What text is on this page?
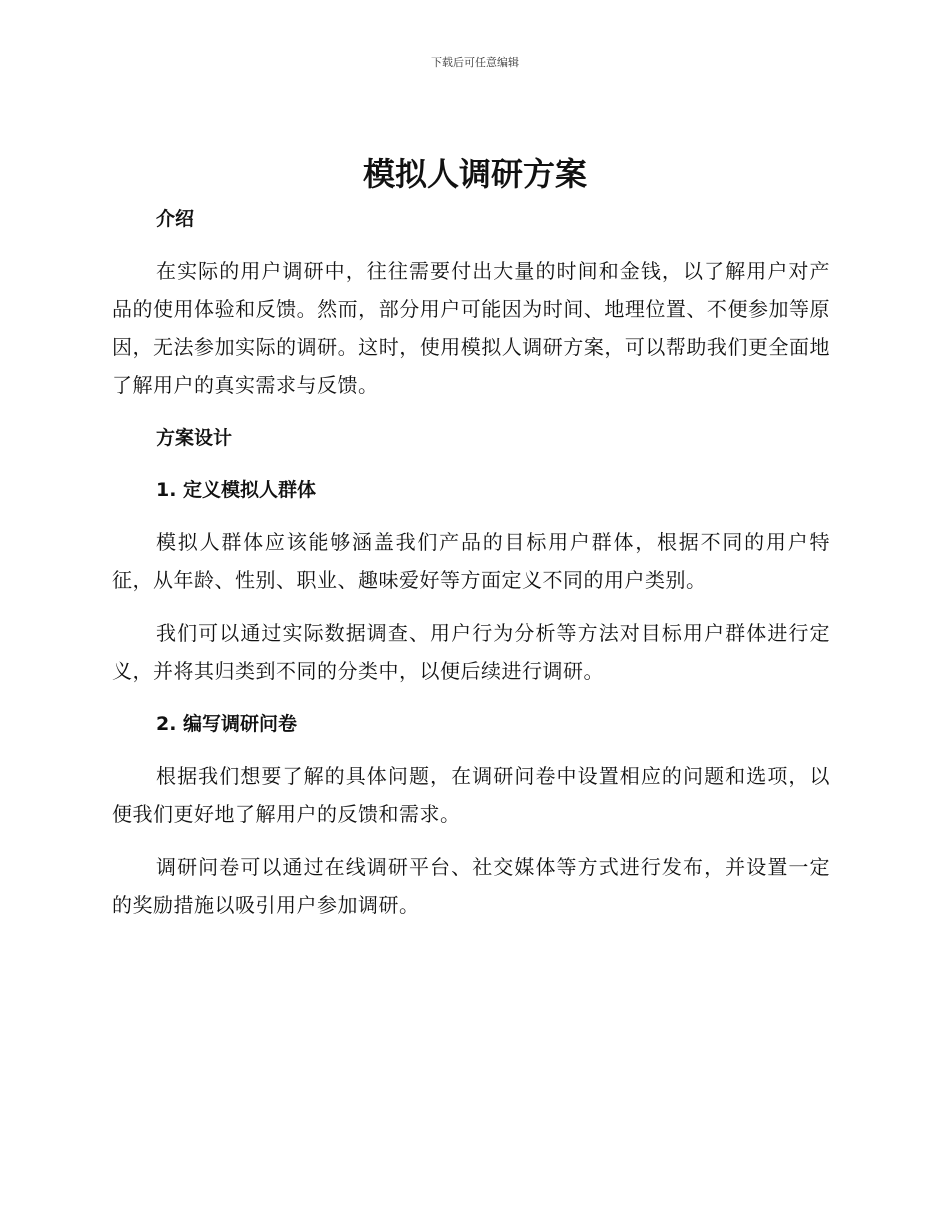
下载后可任意编辑
模拟人调研方案
介绍

在实际的用户调研中，往往需要付出大量的时间和金钱，以了解用户对产品的使用体验和反馈。然而，部分用户可能因为时间、地理位置、不便参加等原因，无法参加实际的调研。这时，使用模拟人调研方案，可以帮助我们更全面地了解用户的真实需求与反馈。

方案设计
1. 定义模拟人群体

模拟人群体应该能够涵盖我们产品的目标用户群体，根据不同的用户特征，从年龄、性别、职业、趣味爱好等方面定义不同的用户类别。

我们可以通过实际数据调查、用户行为分析等方法对目标用户群体进行定义，并将其归类到不同的分类中，以便后续进行调研。

2. 编写调研问卷

根据我们想要了解的具体问题，在调研问卷中设置相应的问题和选项，以便我们更好地了解用户的反馈和需求。

调研问卷可以通过在线调研平台、社交媒体等方式进行发布，并设置一定的奖励措施以吸引用户参加调研。
